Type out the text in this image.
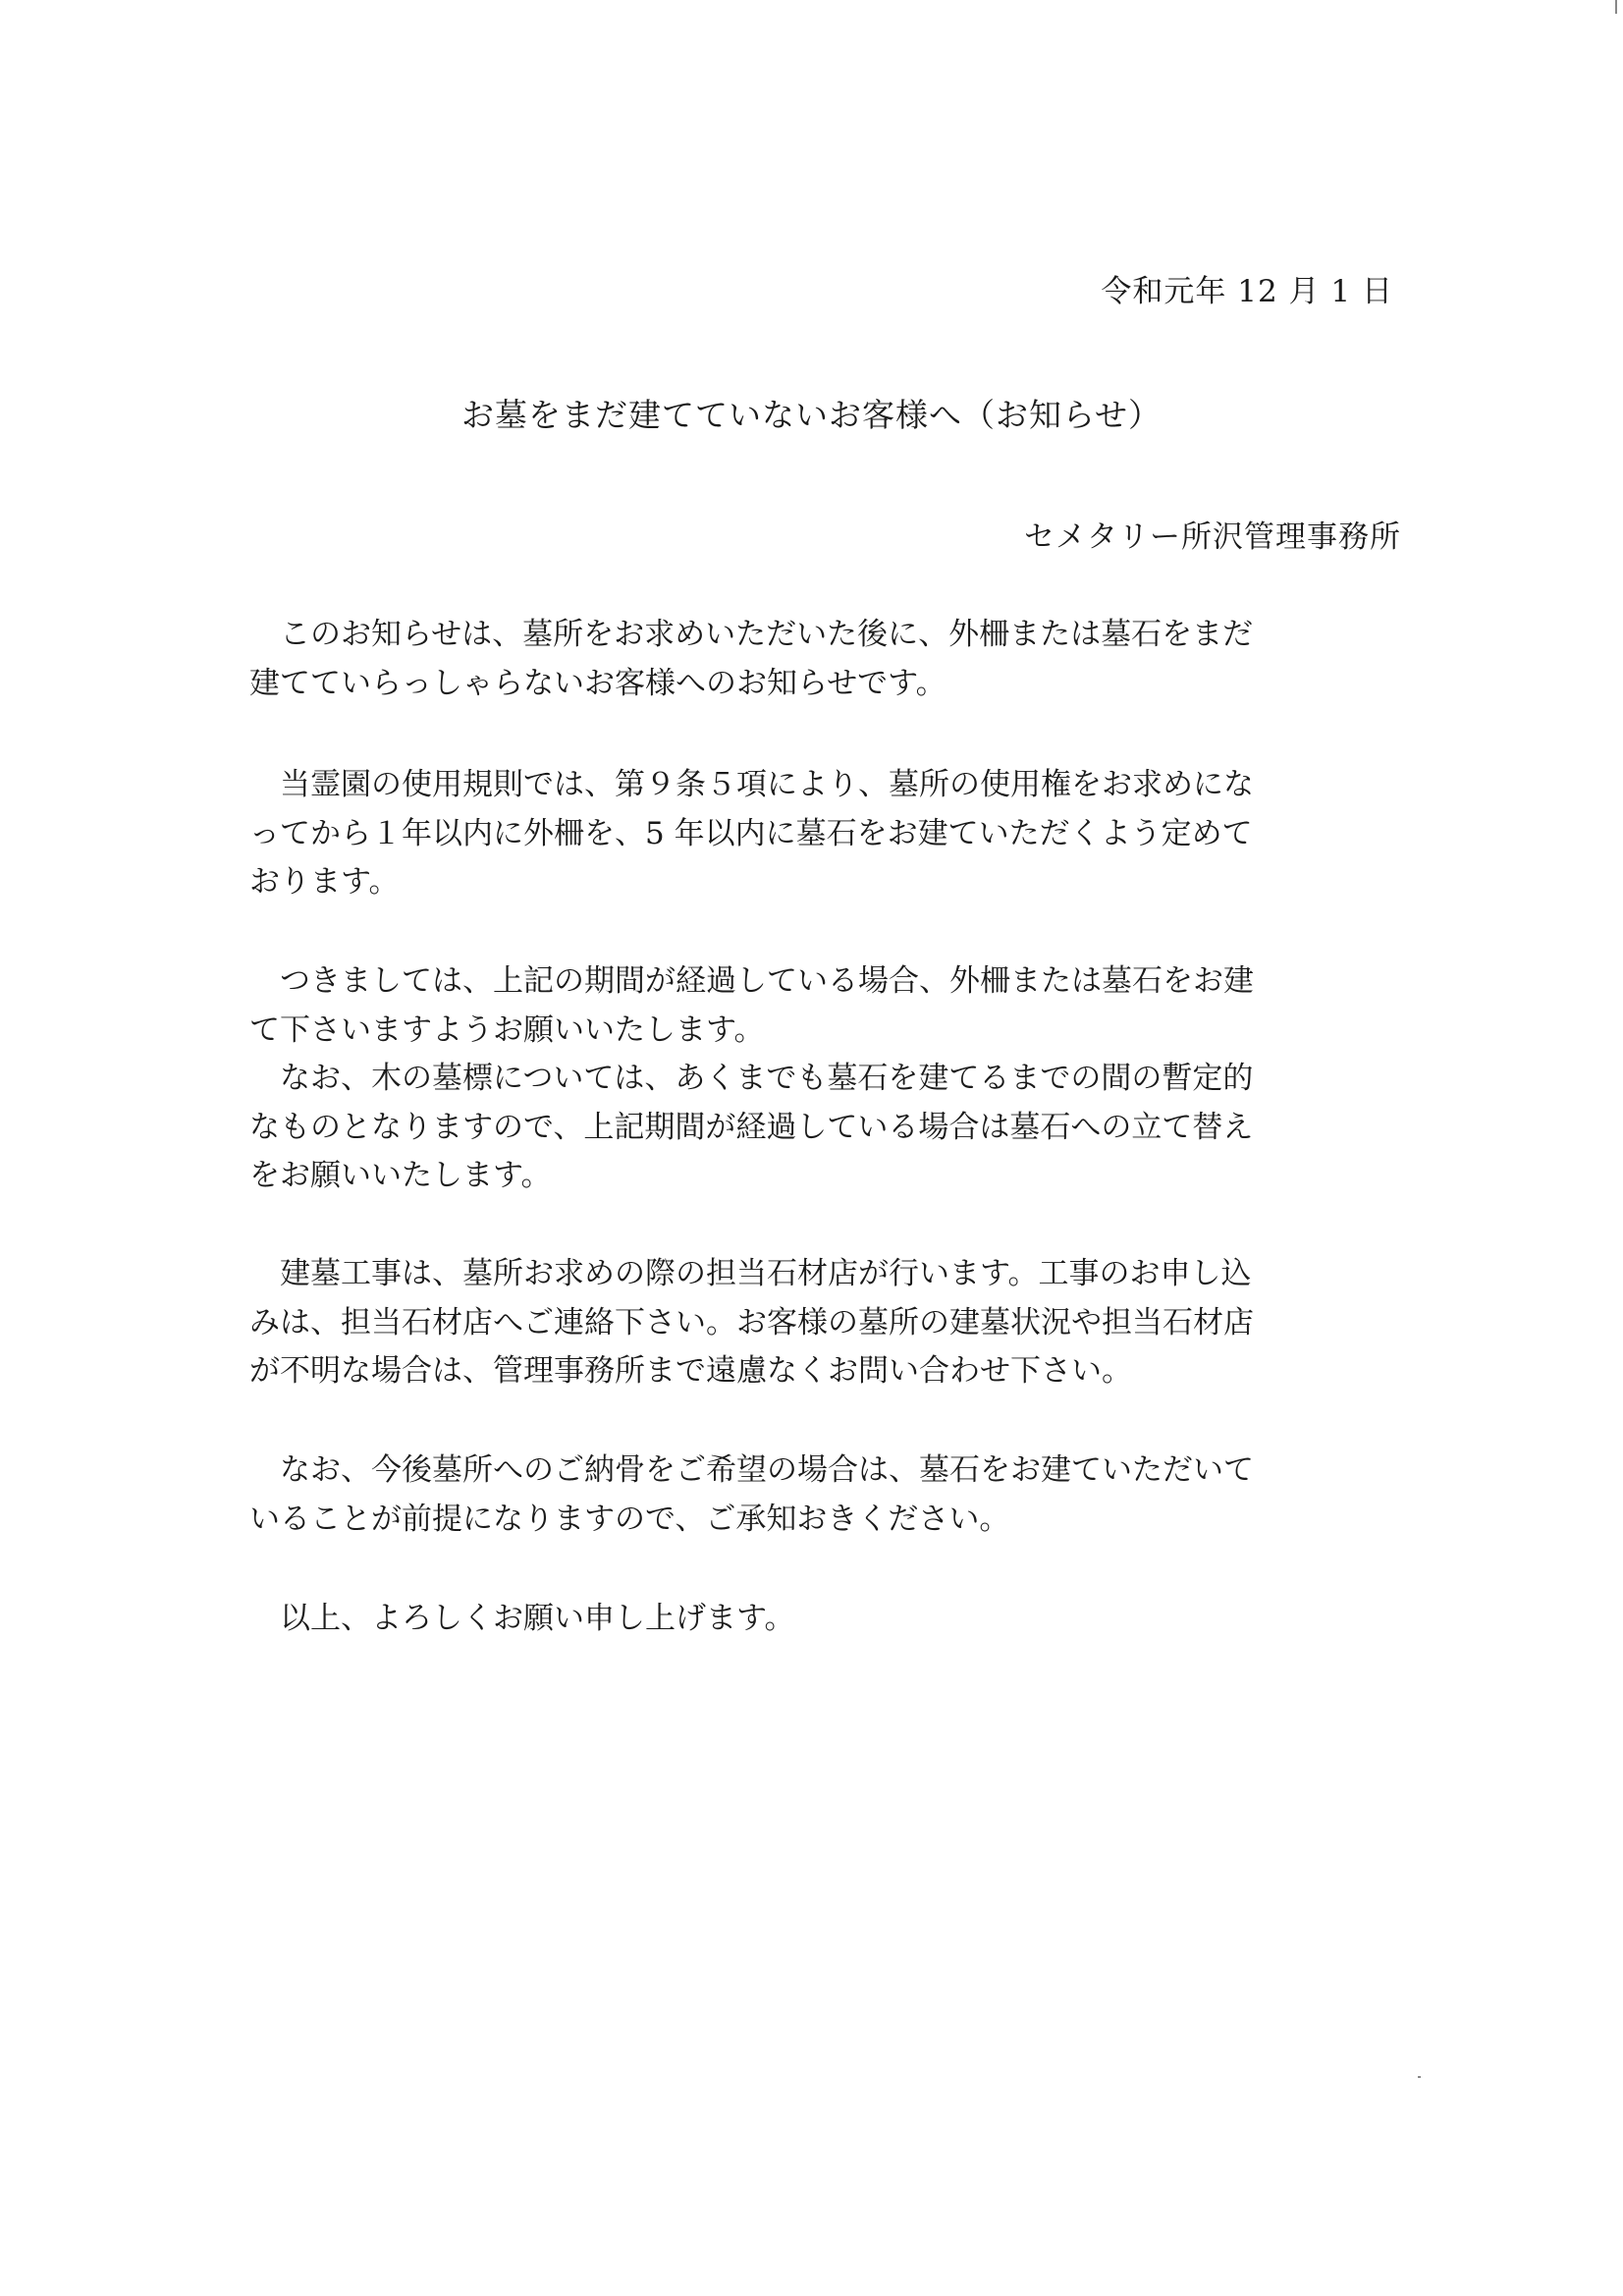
令和元年 12 月 1 日
お墓をまだ建てていないお客様へ（お知らせ）
セメタリー所沢管理事務所
　このお知らせは、墓所をお求めいただいた後に、外柵または墓石をまだ
建てていらっしゃらないお客様へのお知らせです。
　当霊園の使用規則では、第９条５項により、墓所の使用権をお求めにな
ってから１年以内に外柵を、5 年以内に墓石をお建ていただくよう定めて
おります。
　つきましては、上記の期間が経過している場合、外柵または墓石をお建
て下さいますようお願いいたします。
　なお、木の墓標については、あくまでも墓石を建てるまでの間の暫定的
なものとなりますので、上記期間が経過している場合は墓石への立て替え
をお願いいたします。
　建墓工事は、墓所お求めの際の担当石材店が行います。工事のお申し込
みは、担当石材店へご連絡下さい。お客様の墓所の建墓状況や担当石材店
が不明な場合は、管理事務所まで遠慮なくお問い合わせ下さい。
　なお、今後墓所へのご納骨をご希望の場合は、墓石をお建ていただいて
いることが前提になりますので、ご承知おきください。
　以上、よろしくお願い申し上げます。
